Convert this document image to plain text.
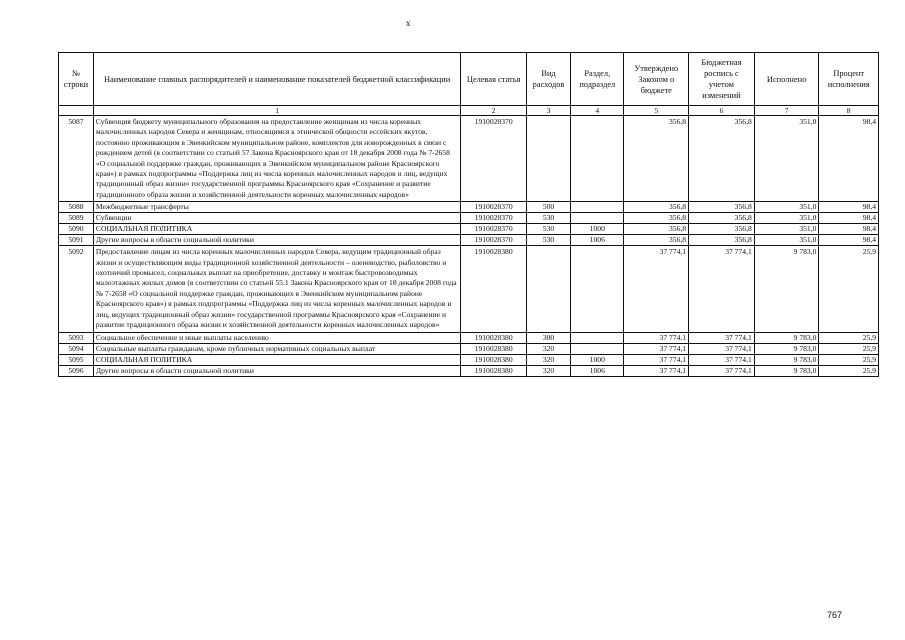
x
№ строки	Наименование главных распорядителей и наименование показателей бюджетной классификации	Целевая статья	Вид расходов	Раздел, подраздел	Утверждено Законом о бюджете	Бюджетная роспись с учетом изменений	Исполнено	Процент исполнения
	1	2	3	4	5	6	7	8
5087	Субвенция бюджету муниципального образования на предоставление женщинам из числа коренных малочисленных народов Севера и женщинам, относящимся к этнической общности ессейских якутов, постоянно проживающим в Эвенкийском муниципальном районе, комплектов для новорожденных в связи с рождением детей (в соответствии со статьей 57 Закона Красноярского края от 18 декабря 2008 года № 7-2658 «О социальной поддержке граждан, проживающих в Эвенкийском муниципальном районе Красноярского края») в рамках подпрограммы «Поддержка лиц из числа коренных малочисленных народов и лиц, ведущих традиционный образ жизни» государственной программы Красноярского края «Сохранение и развитие традиционного образа жизни и хозяйственной деятельности коренных малочисленных народов»	1910028370			356,8	356,8	351,0	98,4
5088	Межбюджетные трансферты	1910028370	500		356,8	356,8	351,0	98,4
5089	Субвенции	1910028370	530		356,8	356,8	351,0	98,4
5090	СОЦИАЛЬНАЯ ПОЛИТИКА	1910028370	530	1000	356,8	356,8	351,0	98,4
5091	Другие вопросы в области социальной политики	1910028370	530	1006	356,8	356,8	351,0	98,4
5092	Предоставление лицам из числа коренных малочисленных народов Севера, ведущим традиционный образ жизни и осуществляющим виды традиционной хозяйственной деятельности – оленеводство, рыболовство и охотничий промысел, социальных выплат на приобретение, доставку и монтаж быстровозводимых малоэтажных жилых домов (в соответствии со статьей 55.1 Закона Красноярского края от 18 декабря 2008 года № 7-2658 «О социальной поддержке граждан, проживающих в Эвенкийском муниципальном районе Красноярского края») в рамках подпрограммы «Поддержка лиц из числа коренных малочисленных народов и лиц, ведущих традиционный образ жизни» государственной программы Красноярского края «Сохранение и развитие традиционного образа жизни и хозяйственной деятельности коренных малочисленных народов»	1910028380			37 774,1	37 774,1	9 783,0	25,9
5093	Социальное обеспечение и иные выплаты населению	1910028380	300		37 774,1	37 774,1	9 783,0	25,9
5094	Социальные выплаты гражданам, кроме публичных нормативных социальных выплат	1910028380	320		37 774,1	37 774,1	9 783,0	25,9
5095	СОЦИАЛЬНАЯ ПОЛИТИКА	1910028380	320	1000	37 774,1	37 774,1	9 783,0	25,9
5096	Другие вопросы в области социальной политики	1910028380	320	1006	37 774,1	37 774,1	9 783,0	25,9
767
